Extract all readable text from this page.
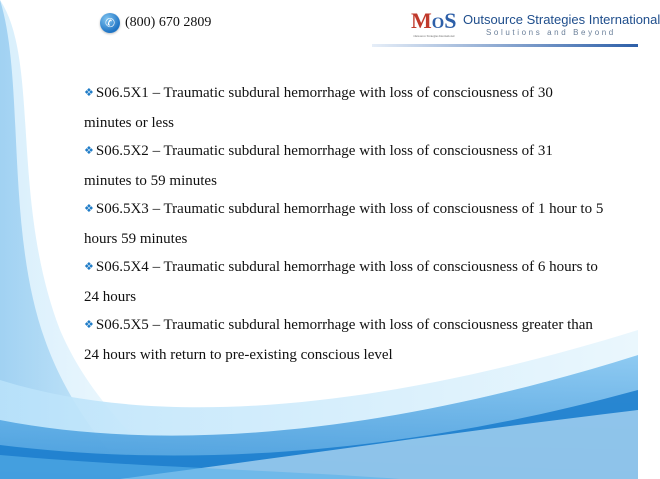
✆ (800) 670 2809	MOS
Outsource Strategies International
Outsource Strategies International
Solutions and Beyond

❖ S06.5X1 – Traumatic subdural hemorrhage with loss of consciousness of 30 minutes or less

❖ S06.5X2 – Traumatic subdural hemorrhage with loss of consciousness of 31 minutes to 59 minutes

❖ S06.5X3 – Traumatic subdural hemorrhage with loss of consciousness of 1 hour to 5 hours 59 minutes

❖ S06.5X4 – Traumatic subdural hemorrhage with loss of consciousness of 6 hours to 24 hours

❖ S06.5X5 – Traumatic subdural hemorrhage with loss of consciousness greater than 24 hours with return to pre-existing conscious level
